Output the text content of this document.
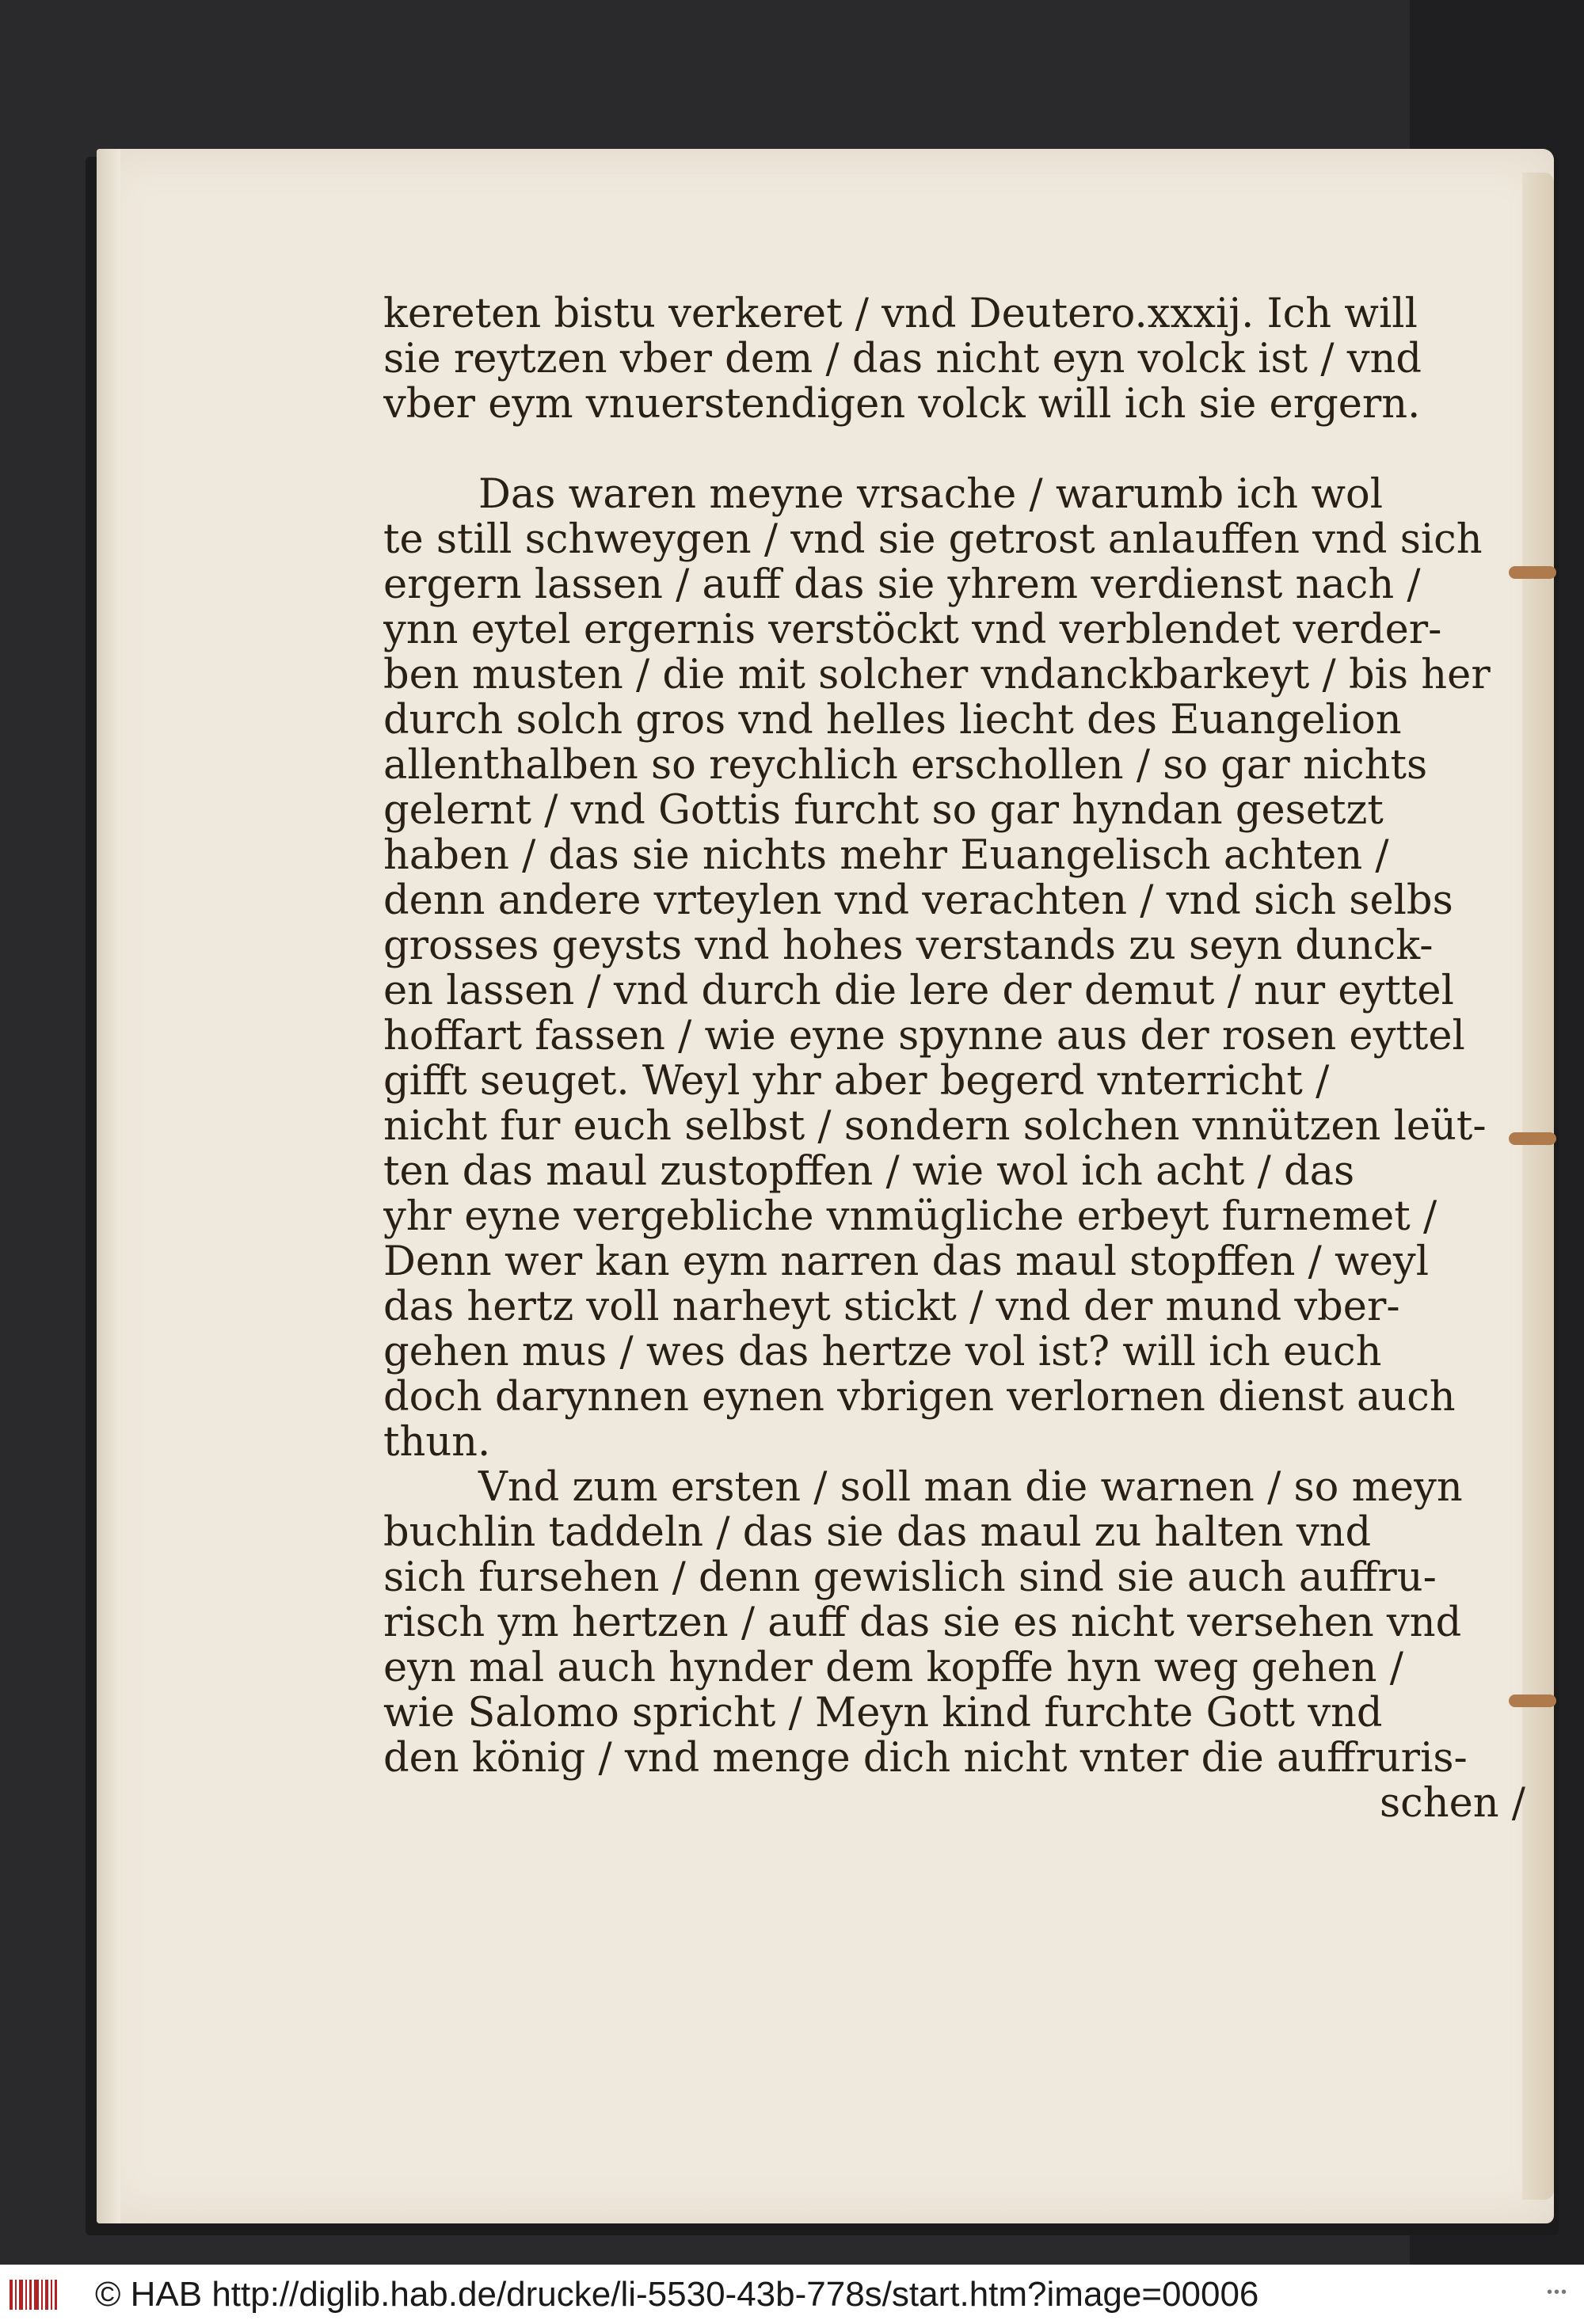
kereten bistu verkeret / vnd Deutero.xxxij. Ich will
sie reytzen vber dem / das nicht eyn volck ist / vnd
vber eym vnuerstendigen volck will ich sie ergern.
Das waren meyne vrsache / warumb ich wol
te still schweygen / vnd sie getrost anlauffen vnd sich
ergern lassen / auff das sie yhrem verdienst nach /
ynn eytel ergernis verstöckt vnd verblendet verder-
ben musten / die mit solcher vndanckbarkeyt / bis her
durch solch gros vnd helles liecht des Euangelion
allenthalben so reychlich erschollen / so gar nichts
gelernt / vnd Gottis furcht so gar hyndan gesetzt
haben / das sie nichts mehr Euangelisch achten /
denn andere vrteylen vnd verachten / vnd sich selbs
grosses geysts vnd hohes verstands zu seyn dunck-
en lassen / vnd durch die lere der demut / nur eyttel
hoffart fassen / wie eyne spynne aus der rosen eyttel
gifft seuget. Weyl yhr aber begerd vnterricht /
nicht fur euch selbst / sondern solchen vnnützen leüt-
ten das maul zustopffen / wie wol ich acht / das
yhr eyne vergebliche vnmügliche erbeyt furnemet /
Denn wer kan eym narren das maul stopffen / weyl
das hertz voll narheyt stickt / vnd der mund vber-
gehen mus / wes das hertze vol ist? will ich euch
doch darynnen eynen vbrigen verlornen dienst auch
thun.
Vnd zum ersten / soll man die warnen / so meyn
buchlin taddeln / das sie das maul zu halten vnd
sich fursehen / denn gewislich sind sie auch auffru-
risch ym hertzen / auff das sie es nicht versehen vnd
eyn mal auch hynder dem kopffe hyn weg gehen /
wie Salomo spricht / Meyn kind furchte Gott vnd
den könig / vnd menge dich nicht vnter die auffruris-
schen /
© HAB http://diglib.hab.de/drucke/li-5530-43b-778s/start.htm?image=00006	•••
